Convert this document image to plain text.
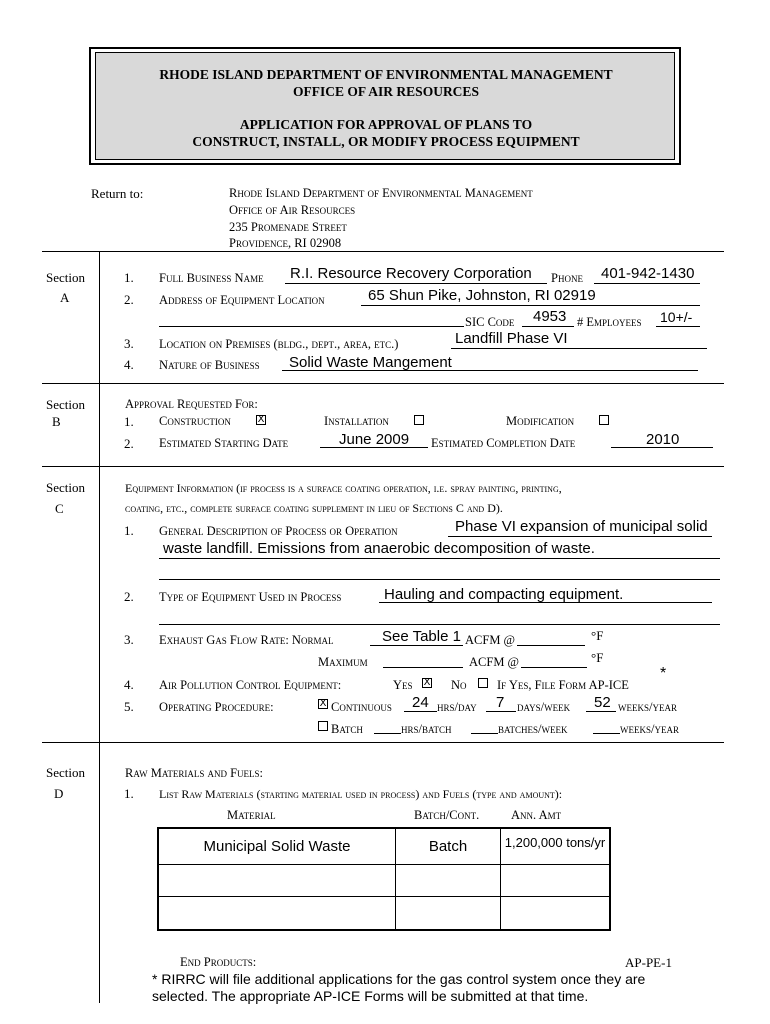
RHODE ISLAND DEPARTMENT OF ENVIRONMENTAL MANAGEMENT
OFFICE OF AIR RESOURCES
APPLICATION FOR APPROVAL OF PLANS TO
CONSTRUCT, INSTALL, OR MODIFY PROCESS EQUIPMENT
Return to:	Rhode Island Department of Environmental Management
Office of Air Resources
235 Promenade Street
Providence, RI 02908
Section
A
1. Full Business Name R.I. Resource Recovery Corporation Phone 401-942-1430
2. Address of Equipment Location	65 Shun Pike, Johnston, RI 02919
SIC Code 4953 # Employees 10+/-
3. Location on Premises (bldg., dept., area, etc.)	Landfill Phase VI
4. Nature of Business Solid Waste Mangement
Section
B
Approval Requested For:
1. Construction	X	Installation	Modification
2. Estimated Starting Date	June 2009 Estimated Completion Date	2010
Section
C
Equipment Information (if process is a surface coating operation, i.e. spray painting, printing,
coating, etc., complete surface coating supplement in lieu of Sections C and D).
1. General Description of Process or Operation	Phase VI expansion of municipal solid
waste landfill. Emissions from anaerobic decomposition of waste.
2. Type of Equipment Used in Process	Hauling and compacting equipment.
3. Exhaust Gas Flow Rate: Normal	See Table 1 ACFM @	°F
Maximum	ACFM @	°F
4. Air Pollution Control Equipment:	Yes X No If Yes, File Form AP-ICE
*
5. Operating Procedure:	X Continuous 24 hrs/day 7 days/week 52 weeks/year
Batch	hrs/batch	batches/week	weeks/year
Section
D
Raw Materials and Fuels:
1. List Raw Materials (starting material used in process) and Fuels (type and amount):
Material	Batch/Cont.	Ann. Amt
Municipal Solid Waste	Batch	1,200,000 tons/yr

End Products:	AP-PE-1
* RIRRC will file additional applications for the gas control system once they are
selected. The appropriate AP-ICE Forms will be submitted at that time.
